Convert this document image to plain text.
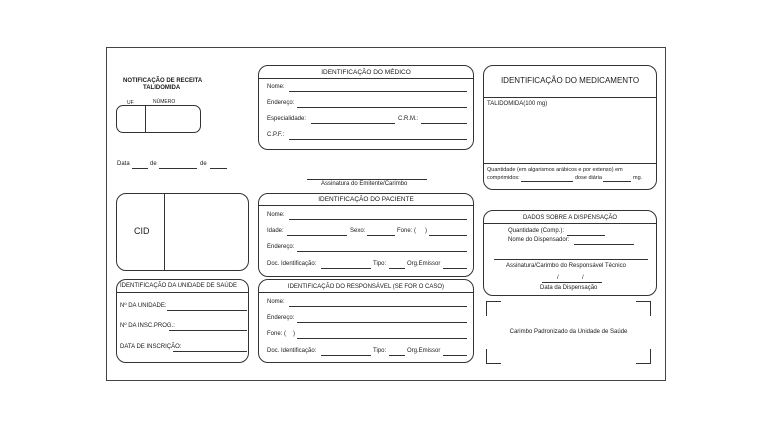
NOTIFICAÇÃO DE RECEITA
TALIDOMIDA
UF	NÚMERO
Data	de	de
CID
IDENTIFICAÇÃO DO MÉDICO
Nome:
Endereço:
Especialidade:	C.R.M.:
C.P.F.:
Assinatura do Emitente/Carimbo
IDENTIFICAÇÃO DO MEDICAMENTO
TALIDOMIDA(100 mg)
Quantidade (em algarismos arábicos e por extenso) em
comprimidos:	dose diária	mg.
IDENTIFICAÇÃO DO PACIENTE
Nome:
Idade:	Sexo:	Fone: ( )
Endereço:
Doc. Identificação:	Tipo:	Org.Emissor
DADOS SOBRE A DISPENSAÇÃO
Quantidade (Comp.):
Nome do Dispensador:
Assinatura/Carimbo do Responsável Técnico
/	/
Data da Dispensação
IDENTIFICAÇÃO DA UNIDADE DE SAÚDE
Nº DA UNIDADE:
Nº DA INSC.PROG.:
DATA DE INSCRIÇÃO:
IDENTIFICAÇÃO DO RESPONSÁVEL (SE FOR O CASO)
Nome:
Endereço:
Fone: ( )
Doc. Identificação:	Tipo:	Org.Emissor
Carimbo Padronizado da Unidade de Saúde
